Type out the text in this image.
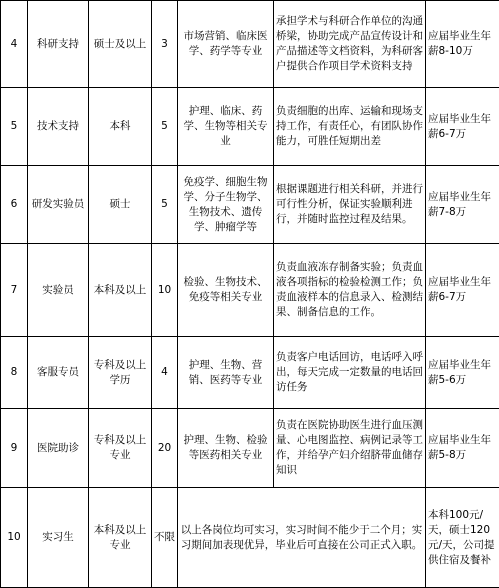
4	科研支持	硕士及以上	3	市场营销、临床医学、药学等专业	承担学术与科研合作单位的沟通桥梁，协助完成产品宣传设计和产品描述等文档资料，为科研客户提供合作项目学术资料支持	应届毕业生年薪8-10万
5	技术支持	本科	5	护理、临床、药学、生物等相关专业	负责细胞的出库、运输和现场支持工作，有责任心，有团队协作能力，可胜任短期出差	应届毕业生年薪6-7万
6	研发实验员	硕士	5	免疫学、细胞生物学、分子生物学、生物技术、遗传学、肿瘤学等	根据课题进行相关科研，并进行可行性分析，保证实验顺利进行，并随时监控过程及结果。	应届毕业生年薪7-8万
7	实验员	本科及以上	10	检验、生物技术、免疫等相关专业	负责血液冻存制备实验；负责血液各项指标的检验检测工作；负责血液样本的信息录入、检测结果、制备信息的工作。	应届毕业生年薪6-7万
8	客服专员	专科及以上学历	4	护理、生物、营销、医药等专业	负责客户电话回访，电话呼入呼出，每天完成一定数量的电话回访任务	应届毕业生年薪5-6万
9	医院助诊	专科及以上专业	20	护理、生物、检验等医药相关专业	负责在医院协助医生进行血压测量、心电图监控、病例记录等工作，并给孕产妇介绍脐带血储存知识	应届毕业生年薪5-8万
10	实习生	本科及以上专业	不限	以上各岗位均可实习，实习时间不能少于二个月；实习期间加表现优异，毕业后可直接在公司正式入职。		本科100元/天，硕士120元/天，公司提供住宿及餐补
